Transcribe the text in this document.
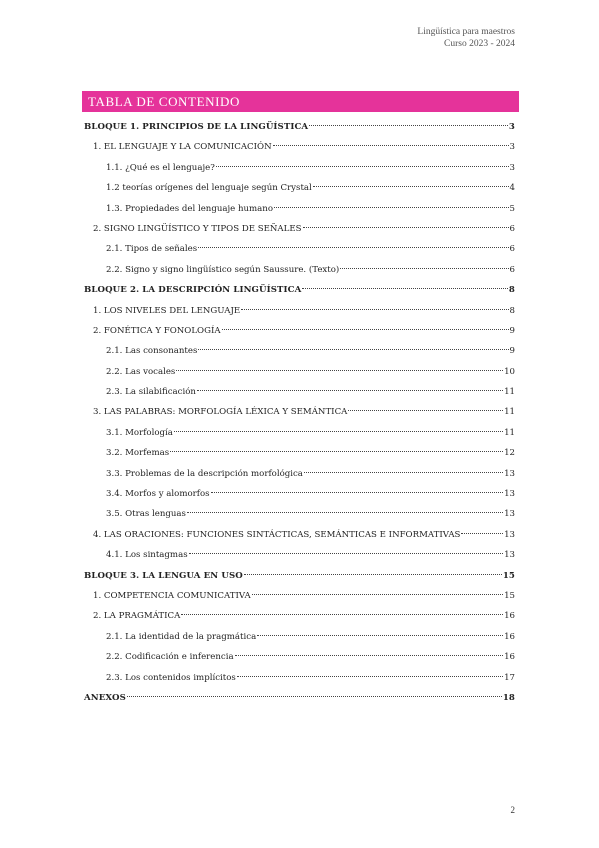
Lingüística para maestros
Curso 2023 - 2024
TABLA DE CONTENIDO
BLOQUE 1. PRINCIPIOS DE LA LINGÜÍSTICA	3
1. EL LENGUAJE Y LA COMUNICACIÓN	3
1.1. ¿Qué es el lenguaje?	3
1.2 teorías orígenes del lenguaje según Crystal	4
1.3. Propiedades del lenguaje humano	5
2. SIGNO LINGÜÍSTICO Y TIPOS DE SEÑALES	6
2.1. Tipos de señales	6
2.2. Signo y signo lingüístico según Saussure. (Texto)	6
BLOQUE 2. LA DESCRIPCIÓN LINGÜÍSTICA	8
1. LOS NIVELES DEL LENGUAJE	8
2. FONÉTICA Y FONOLOGÍA	9
2.1. Las consonantes	9
2.2. Las vocales	10
2.3. La silabificación	11
3. LAS PALABRAS: MORFOLOGÍA LÉXICA Y SEMÁNTICA	11
3.1. Morfología	11
3.2. Morfemas	12
3.3. Problemas de la descripción morfológica	13
3.4. Morfos y alomorfos	13
3.5. Otras lenguas	13
4. LAS ORACIONES: FUNCIONES SINTÁCTICAS, SEMÁNTICAS E INFORMATIVAS	13
4.1. Los sintagmas	13
BLOQUE 3. LA LENGUA EN USO	15
1. COMPETENCIA COMUNICATIVA	15
2. LA PRAGMÁTICA	16
2.1. La identidad de la pragmática	16
2.2. Codificación e inferencia	16
2.3. Los contenidos implícitos	17
ANEXOS	18
2
